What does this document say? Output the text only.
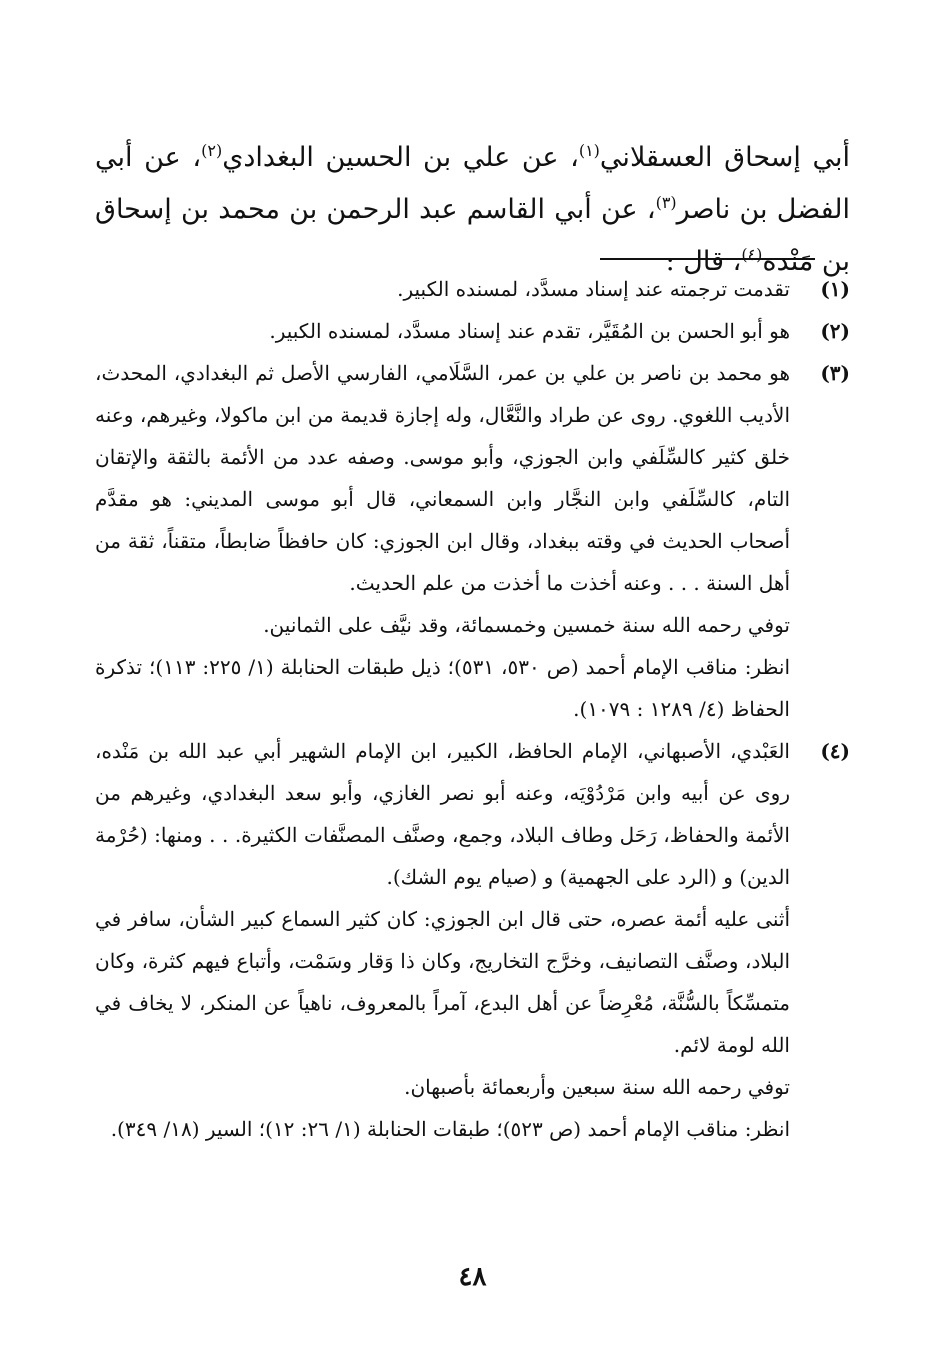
أبي إسحاق العسقلاني$^{(١)}$، عن علي بن الحسين البغدادي$^{(٢)}$، عن أبي الفضل بن ناصر$^{(٣)}$، عن أبي القاسم عبد الرحمن بن محمد بن إسحاق بن مَنْده$^{(٤)}$، قال :

(١)

تقدمت ترجمته عند إسناد مسدَّد، لمسنده الكبير.

(٢)

هو أبو الحسن بن المُقَيَّر، تقدم عند إسناد مسدَّد، لمسنده الكبير.

(٣)

هو محمد بن ناصر بن علي بن عمر، السَّلَامي، الفارسي الأصل ثم البغدادي، المحدث، الأديب اللغوي. روى عن طراد والنَّعَّال، وله إجازة قديمة من ابن ماكولا، وغيرهم، وعنه خلق كثير كالسِّلَفي وابن الجوزي، وأبو موسى. وصفه عدد من الأئمة بالثقة والإتقان التام، كالسِّلَفي وابن النجَّار وابن السمعاني، قال أبو موسى المديني: هو مقدَّم أصحاب الحديث في وقته ببغداد، وقال ابن الجوزي: كان حافظاً ضابطاً، متقناً، ثقة من أهل السنة . . . وعنه أخذت ما أخذت من علم الحديث.

توفي رحمه الله سنة خمسين وخمسمائة، وقد نيَّف على الثمانين.

انظر: مناقب الإمام أحمد (ص ٥٣٠، ٥٣١)؛ ذيل طبقات الحنابلة (١/ ٢٢٥: ١١٣)؛ تذكرة الحفاظ (٤/ ١٢٨٩ : ١٠٧٩).

(٤)

العَبْدي، الأصبهاني، الإمام الحافظ، الكبير، ابن الإمام الشهير أبي عبد الله بن مَنْده، روى عن أبيه وابن مَرْدُوْيَه، وعنه أبو نصر الغازي، وأبو سعد البغدادي، وغيرهم من الأئمة والحفاظ، رَحَل وطاف البلاد، وجمع، وصنَّف المصنَّفات الكثيرة. . . ومنها: (حُرْمة الدين) و (الرد على الجهمية) و (صيام يوم الشك).

أثنى عليه أئمة عصره، حتى قال ابن الجوزي: كان كثير السماع كبير الشأن، سافر في البلاد، وصنَّف التصانيف، وخرَّج التخاريج، وكان ذا وَقار وسَمْت، وأتباع فيهم كثرة، وكان متمسِّكاً بالسُّنَّة، مُعْرِضاً عن أهل البدع، آمراً بالمعروف، ناهياً عن المنكر، لا يخاف في الله لومة لائم.

توفي رحمه الله سنة سبعين وأربعمائة بأصبهان.

انظر: مناقب الإمام أحمد (ص ٥٢٣)؛ طبقات الحنابلة (١/ ٢٦: ١٢)؛ السير (١٨/ ٣٤٩).

٤٨
